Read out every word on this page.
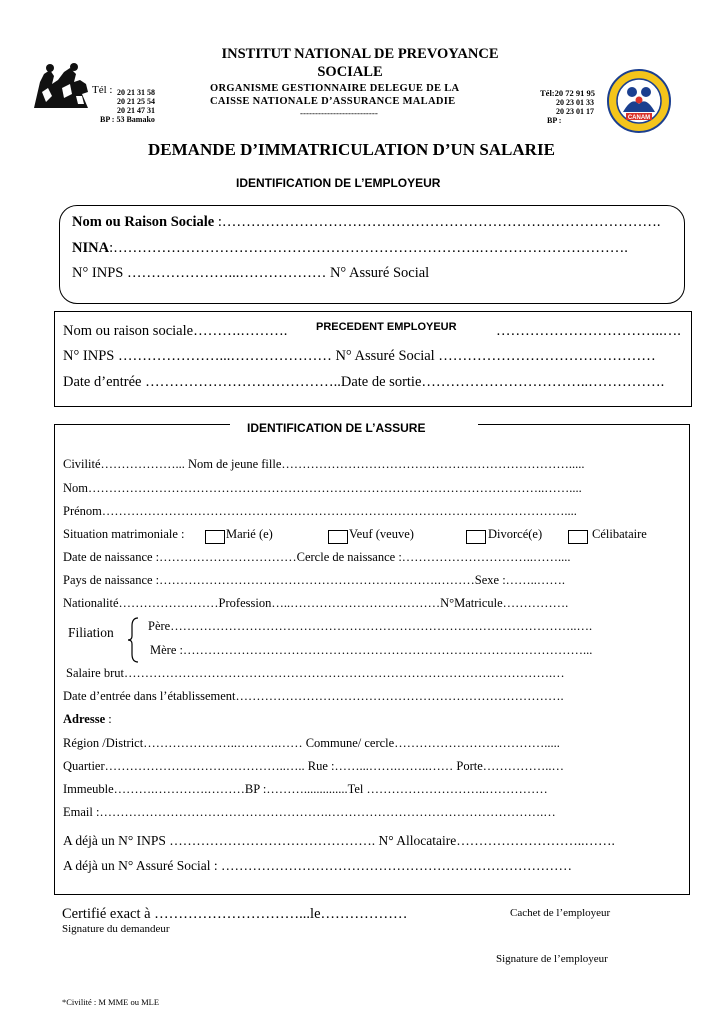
Tél : 20 21 31 58
20 21 25 54
20 21 47 31
BP : 53 Bamako
INSTITUT NATIONAL DE PREVOYANCE
SOCIALE
ORGANISME GESTIONNAIRE DELEGUE DE LA
CAISSE NATIONALE D’ASSURANCE MALADIE
--------------------------
Tél:20 72 91 95
20 23 01 33
20 23 01 17
BP :	CANAM
DEMANDE D’IMMATRICULATION D’UN SALARIE
IDENTIFICATION DE L’EMPLOYEUR
Nom ou Raison Sociale :……………………………………………………………………………….
NINA:………………………………………………………………….………………………….
N° INPS …………………...……………… N° Assuré Social
Nom ou raison sociale……….……….	PRECEDENT EMPLOYEUR	……………………………..….
N° INPS …………………...………………… N° Assuré Social ………………………………………
Date d’entrée …………………………………..Date de sortie……………………………..…………….
IDENTIFICATION DE L’ASSURE
Civilité………………... Nom de jeune fille…………………………………………………………….....
Nom………………………………………………………………………………………………..……....
Prénom…………………………………………………………………………………………………....
Situation matrimoniale :	Marié (e)	Veuf (veuve)	Divorcé(e)	Célibataire
Date de naissance :……………………………Cercle de naissance :…………………………..……....
Pays de naissance :………………………………………………………….………Sexe :……..…….
Nationalité……………………Profession…..………………………………N°Matricule…………….
Filiation	Père……………………………………………………………………………………..….
Mère :……………………………………………………………………………………...
Salaire brut………………………………………………………………………………………….…
Date d’entrée dans l’établissement…………………………………………………………………….
Adresse :
Région /District…………………..……….…… Commune/ cercle……………………………….....
Quartier……………………………………..….. Rue :……...…….……..…… Porte……………..…
Immeuble……….………….………BP :………..............Tel ………………………..……………
Email :……………………………………………….…………………………………………….…
A déjà un N° INPS ………………………………………. N° Allocataire………………………..…….
A déjà un N° Assuré Social : ……………………………………………………………………
Certifié exact à …………………………...le………………
Signature du demandeur
Cachet de l’employeur
Signature de l’employeur
*Civilité : M MME ou MLE
